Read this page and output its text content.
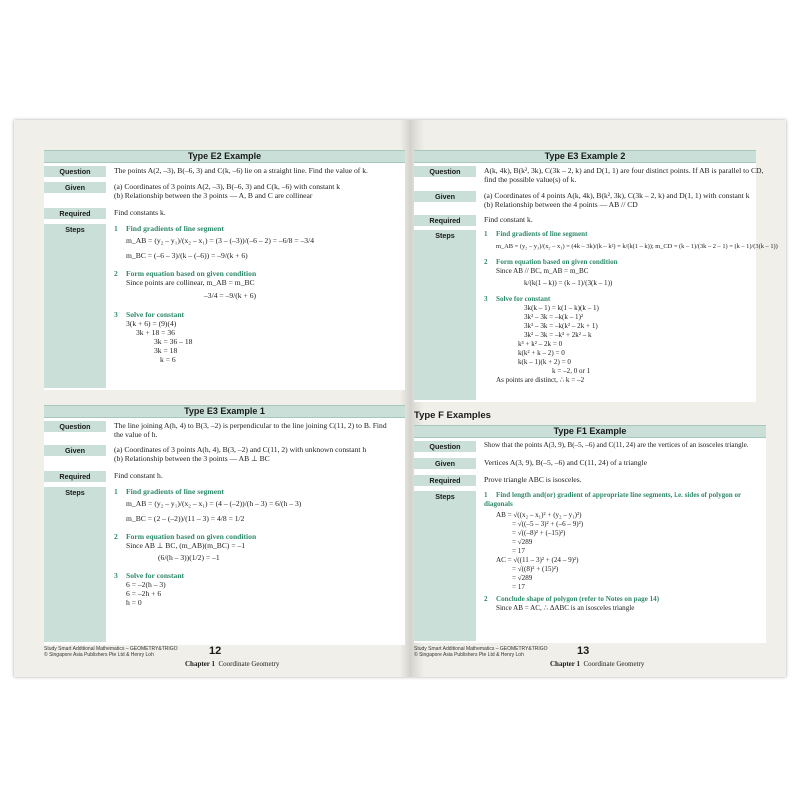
Type E2 Example
Question	The points A(2, –3), B(–6, 3) and C(k, –6) lie on a straight line. Find the value of k.
Given	(a) Coordinates of 3 points A(2, –3), B(–6, 3) and C(k, –6) with constant k
(b) Relationship between the 3 points — A, B and C are collinear
Required	Find constants k.
Steps	1 Find gradients of line segment
m_AB = (y₂ – y₁)/(x₂ – x₁) = (3 – (–3))/(–6 – 2) = –6/8 = –3/4
m_BC = (–6 – 3)/(k – (–6)) = –9/(k + 6)
2 Form equation based on given condition
Since points are collinear, m_AB = m_BC
–3/4 = –9/(k + 6)
3 Solve for constant
3(k + 6) = (9)(4)
3k + 18 = 36
3k = 36 – 18
3k = 18
k = 6
Type E3 Example 1
Question	The line joining A(h, 4) to B(3, –2) is perpendicular to the line joining C(11, 2) to B. Find
the value of h.
Given	(a) Coordinates of 3 points A(h, 4), B(3, –2) and C(11, 2) with unknown constant h
(b) Relationship between the 3 points — AB ⊥ BC
Required	Find constant h.
Steps	1 Find gradients of line segment
m_AB = (y₂ – y₁)/(x₂ – x₁) = (4 – (–2))/(h – 3) = 6/(h – 3)
m_BC = (2 – (–2))/(11 – 3) = 4/8 = 1/2
2 Form equation based on given condition
Since AB ⊥ BC, (m_AB)(m_BC) = –1
(6/(h – 3))(1/2) = –1
3 Solve for constant
6 = –2(h – 3)
6 = –2h + 6
h = 0
Study Smart Additional Mathematics – GEOMETRY&TRIGO
© Singapore Asia Publishers Pte Ltd & Henry Loh	12
Chapter 1 Coordinate Geometry
Type E3 Example 2
Question	A(k, 4k), B(k², 3k), C(3k – 2, k) and D(1, 1) are four distinct points. If AB is parallel to CD,
find the possible value(s) of k.
Given	(a) Coordinates of 4 points A(k, 4k), B(k², 3k), C(3k – 2, k) and D(1, 1) with constant k
(b) Relationship between the 4 points — AB // CD
Required	Find constant k.
Steps	1 Find gradients of line segment
m_AB = (y₂ – y₁)/(x₂ – x₁) = (4k – 3k)/(k – k²) = k/(k(1 – k)); m_CD = (k – 1)/(3k – 2 – 1) = (k – 1)/(3(k – 1))
2 Form equation based on given condition
Since AB // BC, m_AB = m_BC
k/(k(1 – k)) = (k – 1)/(3(k – 1))
3 Solve for constant
3k(k – 1) = k(1 – k)(k – 1)
3k² – 3k = –k(k – 1)²
3k² – 3k = –k(k² – 2k + 1)
3k² – 3k = –k³ + 2k² – k
k³ + k² – 2k = 0
k(k² + k – 2) = 0
k(k – 1)(k + 2) = 0
k = –2, 0 or 1
As points are distinct, ∴ k = –2
Type F Examples
Type F1 Example
Question	Show that the points A(3, 9), B(–5, –6) and C(11, 24) are the vertices of an isosceles triangle.
Given	Vertices A(3, 9), B(–5, –6) and C(11, 24) of a triangle
Required	Prove triangle ABC is isosceles.
Steps	1 Find length and(or) gradient of appropriate line segments, i.e. sides of polygon or diagonals
AB = √((x₂ – x₁)² + (y₂ – y₁)²)
= √((–5 – 3)² + (–6 – 9)²)
= √((–8)² + (–15)²)
= √289
= 17
AC = √((11 – 3)² + (24 – 9)²)
= √((8)² + (15)²)
= √289
= 17
2 Conclude shape of polygon (refer to Notes on page 14)
Since AB = AC, ∴ ΔABC is an isosceles triangle
Study Smart Additional Mathematics – GEOMETRY&TRIGO
© Singapore Asia Publishers Pte Ltd & Henry Loh	13
Chapter 1 Coordinate Geometry
